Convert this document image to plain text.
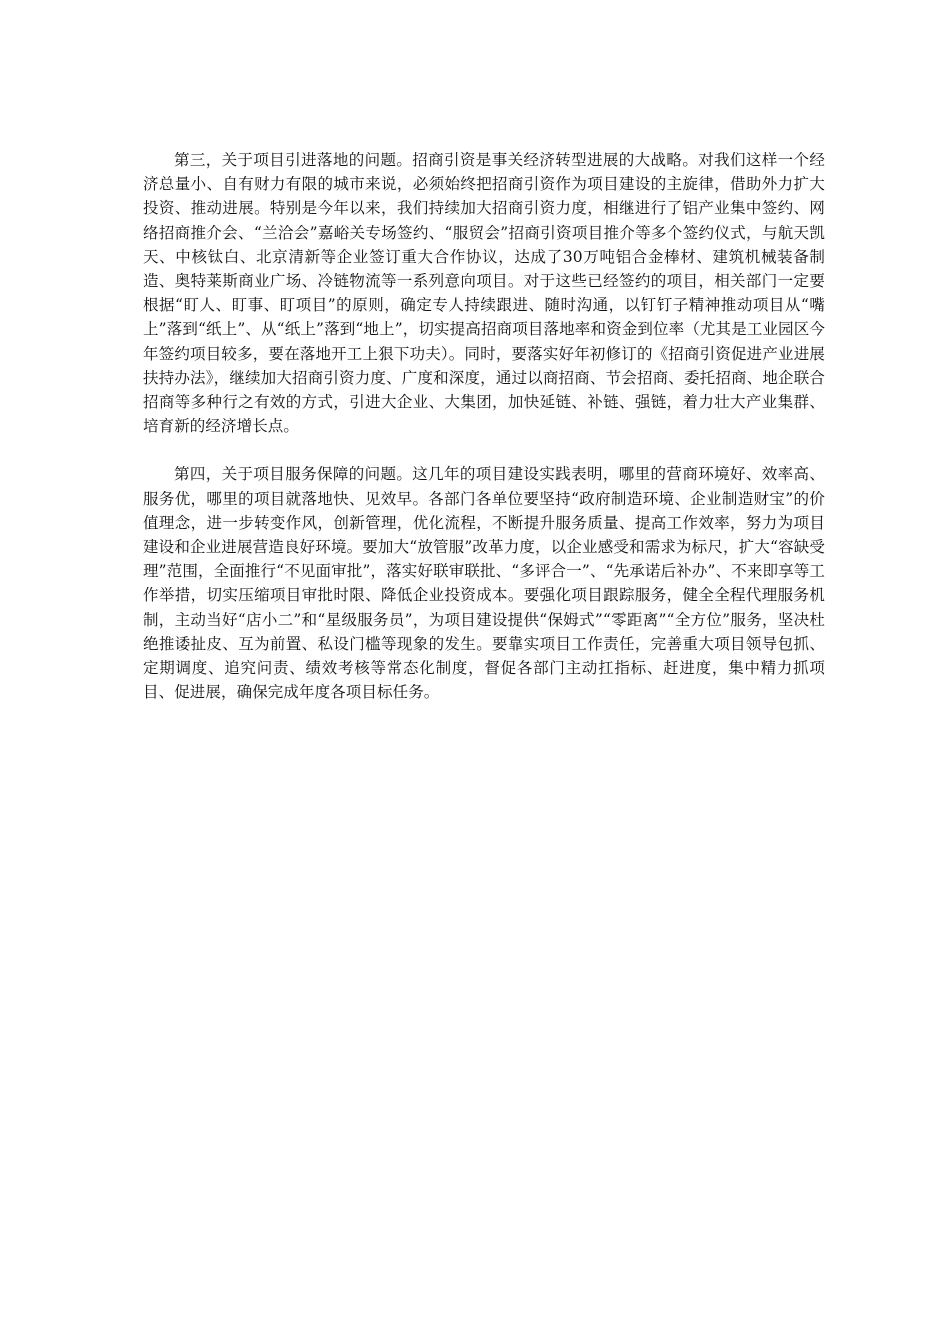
第三，关于项目引进落地的问题。招商引资是事关经济转型进展的大战略。对我们这样一个经济总量小、自有财力有限的城市来说，必须始终把招商引资作为项目建设的主旋律，借助外力扩大投资、推动进展。特别是今年以来，我们持续加大招商引资力度，相继进行了铝产业集中签约、网络招商推介会、“兰洽会”嘉峪关专场签约、“服贸会”招商引资项目推介等多个签约仪式，与航天凯天、中核钛白、北京清新等企业签订重大合作协议，达成了30万吨铝合金棒材、建筑机械装备制造、奥特莱斯商业广场、冷链物流等一系列意向项目。对于这些已经签约的项目，相关部门一定要根据“盯人、盯事、盯项目”的原则，确定专人持续跟进、随时沟通，以钉钉子精神推动项目从“嘴上”落到“纸上”、从“纸上”落到“地上”，切实提高招商项目落地率和资金到位率（尤其是工业园区今年签约项目较多，要在落地开工上狠下功夫）。同时，要落实好年初修订的《招商引资促进产业进展扶持办法》，继续加大招商引资力度、广度和深度，通过以商招商、节会招商、委托招商、地企联合招商等多种行之有效的方式，引进大企业、大集团，加快延链、补链、强链，着力壮大产业集群、培育新的经济增长点。

第四，关于项目服务保障的问题。这几年的项目建设实践表明，哪里的营商环境好、效率高、服务优，哪里的项目就落地快、见效早。各部门各单位要坚持“政府制造环境、企业制造财宝”的价值理念，进一步转变作风，创新管理，优化流程，不断提升服务质量、提高工作效率，努力为项目建设和企业进展营造良好环境。要加大“放管服”改革力度，以企业感受和需求为标尺，扩大“容缺受理”范围，全面推行“不见面审批”，落实好联审联批、“多评合一”、“先承诺后补办”、不来即享等工作举措，切实压缩项目审批时限、降低企业投资成本。要强化项目跟踪服务，健全全程代理服务机制，主动当好“店小二”和“星级服务员”，为项目建设提供“保姆式”“零距离”“全方位”服务，坚决杜绝推诿扯皮、互为前置、私设门槛等现象的发生。要靠实项目工作责任，完善重大项目领导包抓、定期调度、追究问责、绩效考核等常态化制度，督促各部门主动扛指标、赶进度，集中精力抓项目、促进展，确保完成年度各项目标任务。
